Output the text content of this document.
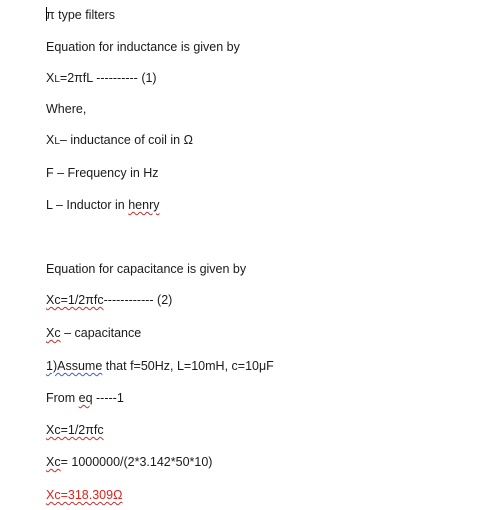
π type filters
Equation for inductance is given by
XL=2πfL ---------- (1)
Where,
XL– inductance of coil in Ω
F – Frequency in Hz
L – Inductor in henry
Equation for capacitance is given by
Xc=1/2πfc------------ (2)
Xc – capacitance
1)Assume that f=50Hz, L=10mH, c=10μF
From eq -----1
Xc=1/2πfc
Xc= 1000000/(2*3.142*50*10)
Xc=318.309Ω
